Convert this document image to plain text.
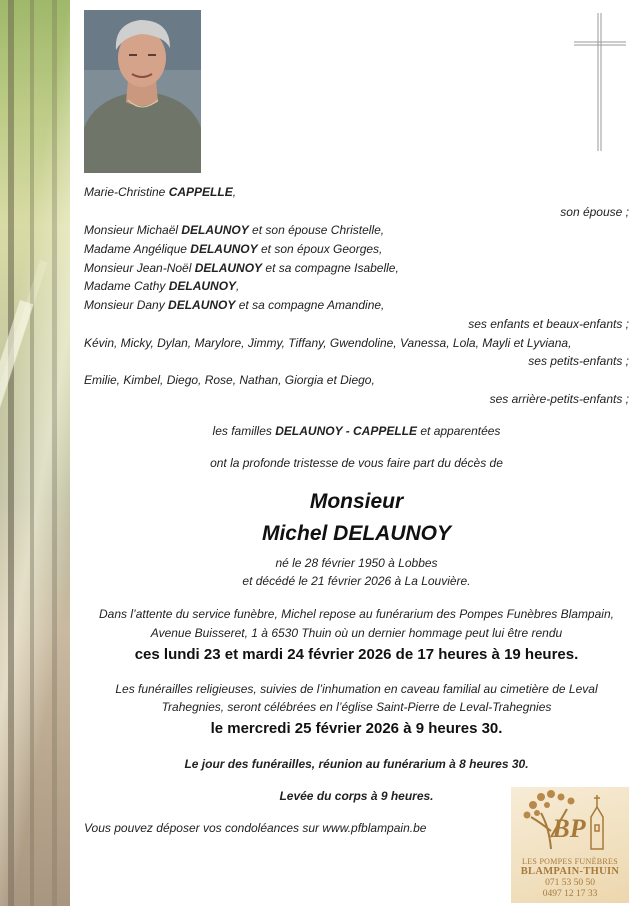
Marie-Christine CAPPELLE,
son épouse ;
Monsieur Michaël DELAUNOY et son épouse Christelle,
Madame Angélique DELAUNOY et son époux Georges,
Monsieur Jean-Noël DELAUNOY et sa compagne Isabelle,
Madame Cathy DELAUNOY,
Monsieur Dany DELAUNOY et sa compagne Amandine,
ses enfants et beaux-enfants ;
Kévin, Micky, Dylan, Marylore, Jimmy, Tiffany, Gwendoline, Vanessa, Lola, Mayli et Lyviana,
ses petits-enfants ;
Emilie, Kimbel, Diego, Rose, Nathan, Giorgia et Diego,
ses arrière-petits-enfants ;
les familles DELAUNOY - CAPPELLE et apparentées
ont la profonde tristesse de vous faire part du décès de
Monsieur
Michel DELAUNOY
né le 28 février 1950 à Lobbes
et décédé le 21 février 2026 à La Louvière.
Dans l’attente du service funèbre, Michel repose au funérarium des Pompes Funèbres Blampain,
Avenue Buisseret, 1 à 6530 Thuin où un dernier hommage peut lui être rendu
ces lundi 23 et mardi 24 février 2026 de 17 heures à 19 heures.
Les funérailles religieuses, suivies de l’inhumation en caveau familial au cimetière de Leval
Trahegnies, seront célébrées en l’église Saint-Pierre de Leval-Trahegnies
le mercredi 25 février 2026 à 9 heures 30.
Le jour des funérailles, réunion au funérarium à 8 heures 30.
Levée du corps à 9 heures.
Vous pouvez déposer vos condoléances sur www.pfblampain.be	BP
LES POMPES FUNÈBRES
BLAMPAIN-THUIN
071 53 50 50
0497 12 17 33
